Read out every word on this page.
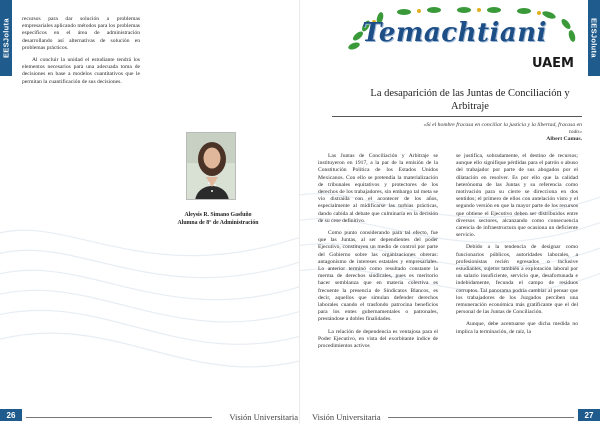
EESJoluta recursos para dar solución a problemas empresariales aplicando métodos para los problemas específicos en el área de administración desarrollando así alternativas de solución en problemas prácticos.

Al concluir la unidad el estudiante tendrá los elementos necesarios para una adecuada toma de decisiones en base a modelos cuantitativos que le permitan la cuantificación de sus decisiones.

Aleysis R. Simano Gasfuño
Alumna de 8° de Administración
26	Visión Universitaria
EESJoluta
Temachtiani
UAEM
La desaparición de las Juntas de Conciliación y Arbitraje
«Si el hombre fracasa en conciliar la justicia y la libertad, fracasa en todo»
Albert Camus.

Las Juntas de Conciliación y Arbitraje se instituyeron en 1917, a la par de la emisión de la Constitución Política de los Estados Unidos Mexicanos. Con ello se pretendía la materialización de tribunales equitativos y protectores de los derechos de los trabajadores, sin embargo tal meta se vio distraída con el acontecer de los años, especialmente al midificarse las turbias prácticas, dando cabida al debate que culminaría en la decisión de su cese definitivo.

Como punto considerando para tal efecto, fue que las Juntas, al ser dependientes del poder Ejecutivo, constituyen un medio de control por parte del Gobierno sobre las organizaciones obreras: antagonismo de intereses estatales y empresariales. Lo anterior terminó como resultado constante la merma de derechos sindicales, pues es meritorio hacer semblanza que en materia colectiva es frecuente la presencia de Sindicatos Blancos, es decir, aquellos que simulan defender derechos laborales cuando el trasfondo patrocina beneficios para los entes gubernamentales o patronales, prestándose a dobles finalidades.

La relación de dependencia es ventajosa para el Poder Ejecutivo, en vista del exorbitante índice de procedimientos activos

se justifica, sobradamente, el destino de recursos; aunque ello signifique pérdidas para el patrón o abuso del trabajador por parte de sus abogados por el dilatación en resolver. Es por ello que la calidad heterónoma de las Juntas y su referencia como motivación para su cierre se direcciona en dos sentidos; el primero de ellos con antelación visto y el segundo versión en que la mayor parte de los recursos que obtiene el Ejecutivo deben ser distribuidos entre diversos sectores, alcanzando como consecuencia carencia de infraestructura que ocasiona un deficiente servicio.

Debido a la tendencia de designar como funcionarios públicos, autoridades laborales, a profesionistas recién egresados o inclusive estudiantes, sujetos también a explotación laboral por un salario insuficiente, servicio que, desafortunada e indebidamente, fecunda el campo de residuos corruptos. Tal panorama podría cambiar al pensar que los trabajadores de los Juzgados perciben una remuneración económica más gratificante que el del personal de las Juntas de Conciliación.

Aunque, debe acentuarse que dicha medida no implica la terminación, de raíz, la

Visión Universitaria	27
